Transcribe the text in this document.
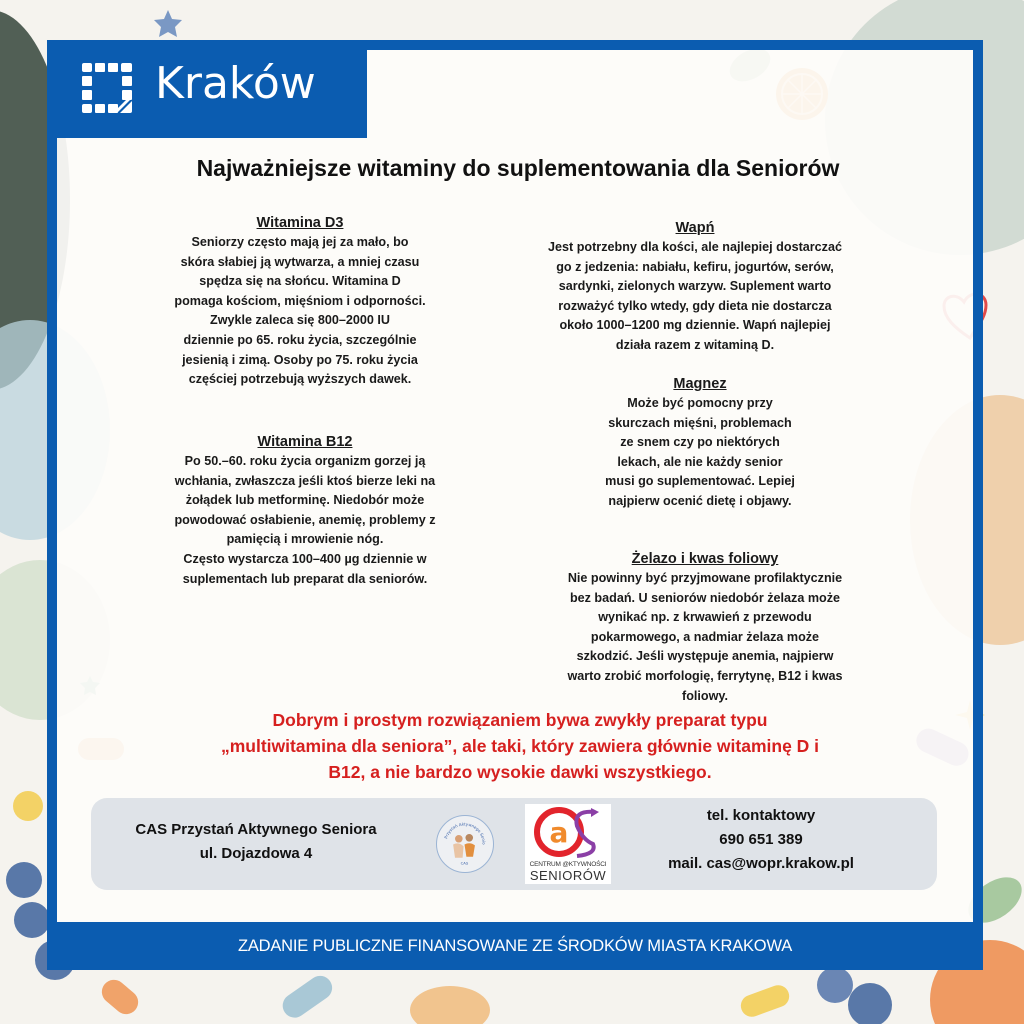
Kraków
Najważniejsze witaminy do suplementowania dla Seniorów
Witamina D3
Seniorzy często mają jej za mało, bo
skóra słabiej ją wytwarza, a mniej czasu
spędza się na słońcu. Witamina D
pomaga kościom, mięśniom i odporności.
Zwykle zaleca się 800–2000 IU
dziennie po 65. roku życia, szczególnie
jesienią i zimą. Osoby po 75. roku życia
częściej potrzebują wyższych dawek.
Witamina B12
Po 50.–60. roku życia organizm gorzej ją
wchłania, zwłaszcza jeśli ktoś bierze leki na
żołądek lub metforminę. Niedobór może
powodować osłabienie, anemię, problemy z
pamięcią i mrowienie nóg.
Często wystarcza 100–400 µg dziennie w
suplementach lub preparat dla seniorów.
Wapń
Jest potrzebny dla kości, ale najlepiej dostarczać
go z jedzenia: nabiału, kefiru, jogurtów, serów,
sardynki, zielonych warzyw. Suplement warto
rozważyć tylko wtedy, gdy dieta nie dostarcza
około 1000–1200 mg dziennie. Wapń najlepiej
działa razem z witaminą D.
Magnez
Może być pomocny przy
skurczach mięśni, problemach
ze snem czy po niektórych
lekach, ale nie każdy senior
musi go suplementować. Lepiej
najpierw ocenić dietę i objawy.
Żelazo i kwas foliowy
Nie powinny być przyjmowane profilaktycznie
bez badań. U seniorów niedobór żelaza może
wynikać np. z krwawień z przewodu
pokarmowego, a nadmiar żelaza może
szkodzić. Jeśli występuje anemia, najpierw
warto zrobić morfologię, ferrytynę, B12 i kwas
foliowy.
Dobrym i prostym rozwiązaniem bywa zwykły preparat typu
„multiwitamina dla seniora”, ale taki, który zawiera głównie witaminę D i
B12, a nie bardzo wysokie dawki wszystkiego.
CAS Przystań Aktywnego Seniora
ul. Dojazdowa 4
Przystań Aktywnego Senio
CAS
a
CENTRUM @KTYWNOŚCI
SENIORÓW
tel. kontaktowy
690 651 389
mail. cas@wopr.krakow.pl
ZADANIE PUBLICZNE FINANSOWANE ZE ŚRODKÓW MIASTA KRAKOWA
